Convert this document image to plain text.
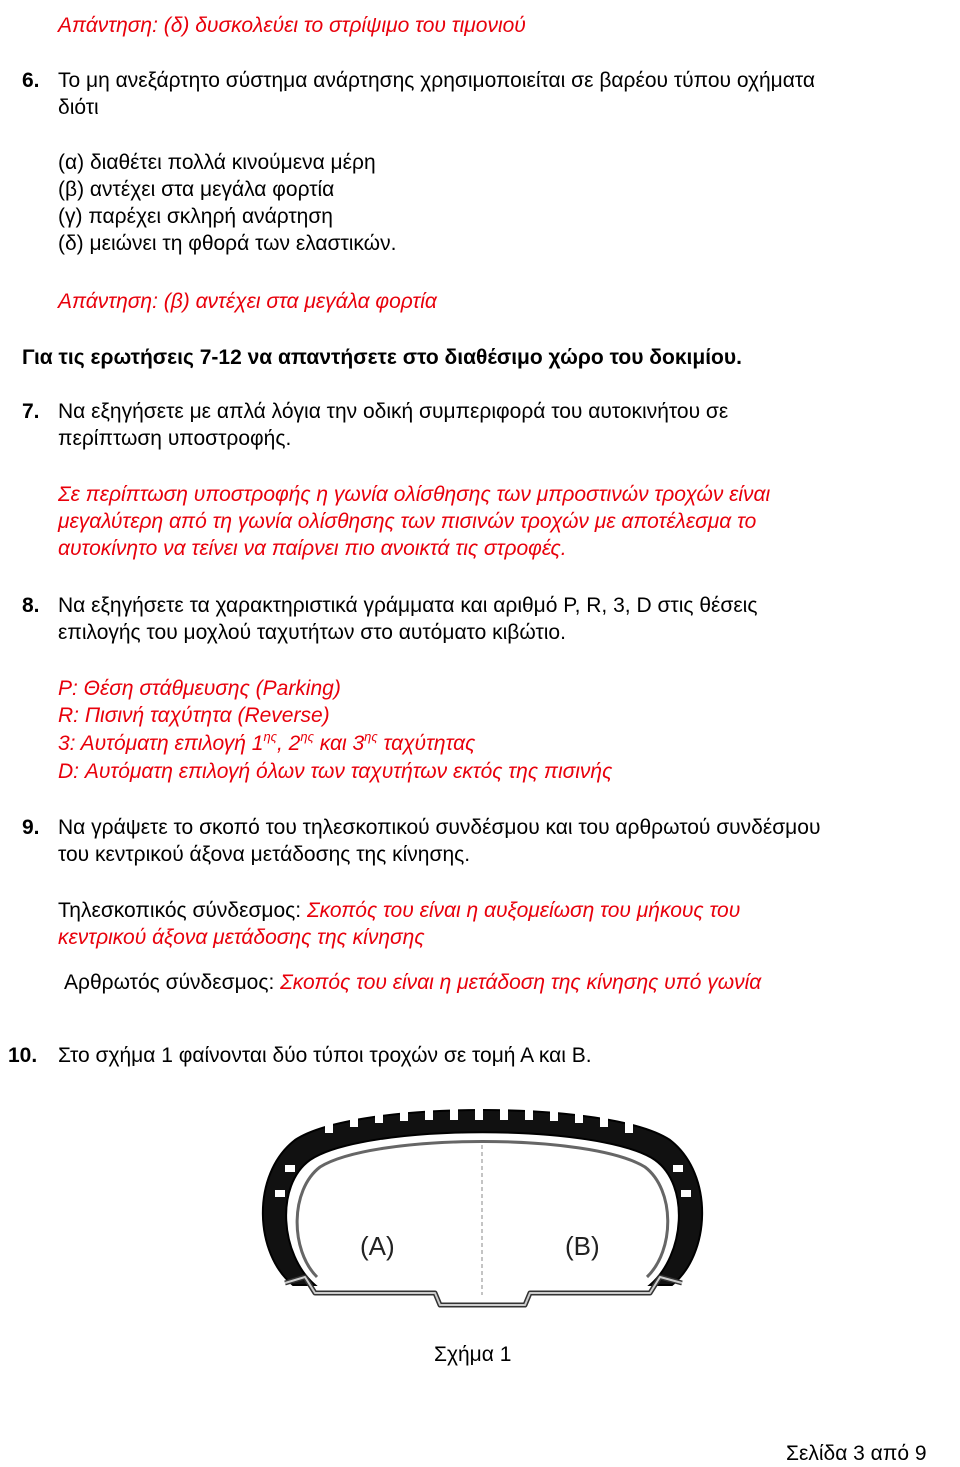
Απάντηση: (δ) δυσκολεύει το στρίψιμο του τιμονιού
6. Το μη ανεξάρτητο σύστημα ανάρτησης χρησιμοποιείται σε βαρέου τύπου οχήματα
διότι
(α) διαθέτει πολλά κινούμενα μέρη
(β) αντέχει στα μεγάλα φορτία
(γ) παρέχει σκληρή ανάρτηση
(δ) μειώνει τη φθορά των ελαστικών.
Απάντηση: (β) αντέχει στα μεγάλα φορτία
Για τις ερωτήσεις 7-12 να απαντήσετε στο διαθέσιμο χώρο του δοκιμίου.
7. Να εξηγήσετε με απλά λόγια την οδική συμπεριφορά του αυτοκινήτου σε
περίπτωση υποστροφής.
Σε περίπτωση υποστροφής η γωνία ολίσθησης των μπροστινών τροχών είναι
μεγαλύτερη από τη γωνία ολίσθησης των πισινών τροχών με αποτέλεσμα το
αυτοκίνητο να τείνει να παίρνει πιο ανοικτά τις στροφές.
8. Να εξηγήσετε τα χαρακτηριστικά γράμματα και αριθμό P, R, 3, D στις θέσεις
επιλογής του μοχλού ταχυτήτων στο αυτόματο κιβώτιο.
P: Θέση στάθμευσης (Parking)
R: Πισινή ταχύτητα (Reverse)
3: Αυτόματη επιλογή $1^{\eta\varsigma}$, $2^{\eta\varsigma}$ και $3^{\eta\varsigma}$ ταχύτητας
D: Αυτόματη επιλογή όλων των ταχυτήτων εκτός της πισινής
9. Να γράψετε το σκοπό του τηλεσκοπικού συνδέσμου και του αρθρωτού συνδέσμου
του κεντρικού άξονα μετάδοσης της κίνησης.
Τηλεσκοπικός σύνδεσμος: Σκοπός του είναι η αυξομείωση του μήκους του
κεντρικού άξονα μετάδοσης της κίνησης
Αρθρωτός σύνδεσμος: Σκοπός του είναι η μετάδοση της κίνησης υπό γωνία
10. Στο σχήμα 1 φαίνονται δύο τύποι τροχών σε τομή Α και Β.
(A)	(B)
Σχήμα 1
Σελίδα 3 από 9
